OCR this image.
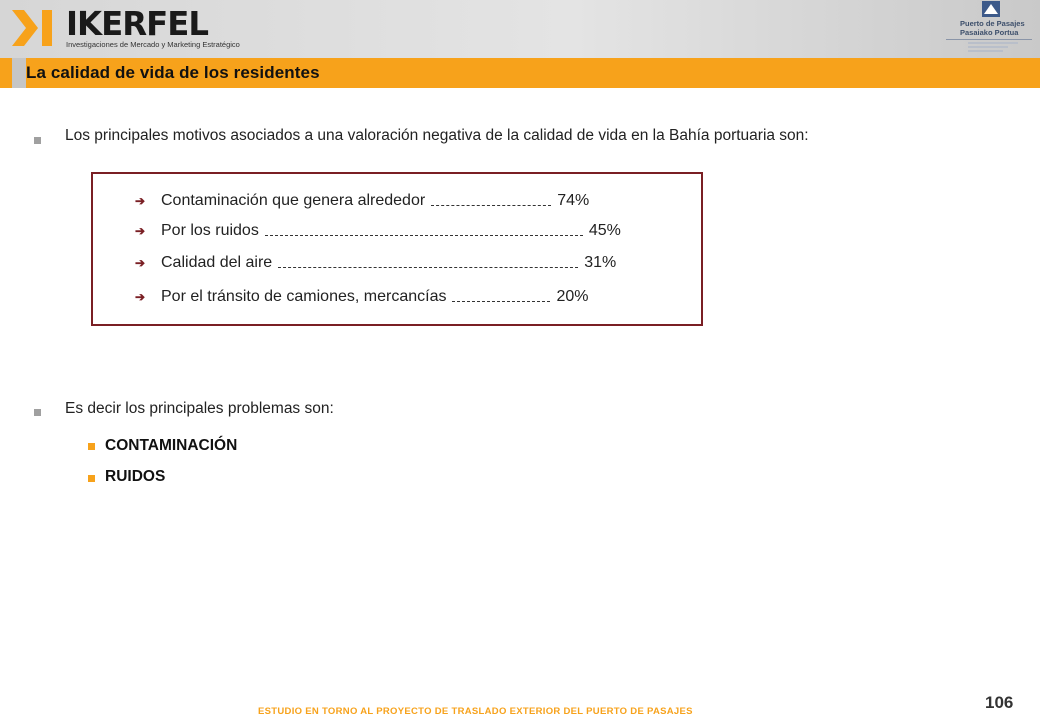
IKERFEL
Investigaciones de Mercado y Marketing Estratégico
Puerto de Pasajes
Pasaiako Portua
La calidad de vida de los residentes
Los principales motivos asociados a una valoración negativa de la calidad de vida en la Bahía portuaria son:
➔ Contaminación que genera alrededor	74%
➔ Por los ruidos	45%
➔ Calidad del aire	31%
➔ Por el tránsito de camiones, mercancías	20%
Es decir los principales problemas son:
CONTAMINACIÓN
RUIDOS
106
ESTUDIO EN TORNO AL PROYECTO DE TRASLADO EXTERIOR DEL PUERTO DE PASAJES
